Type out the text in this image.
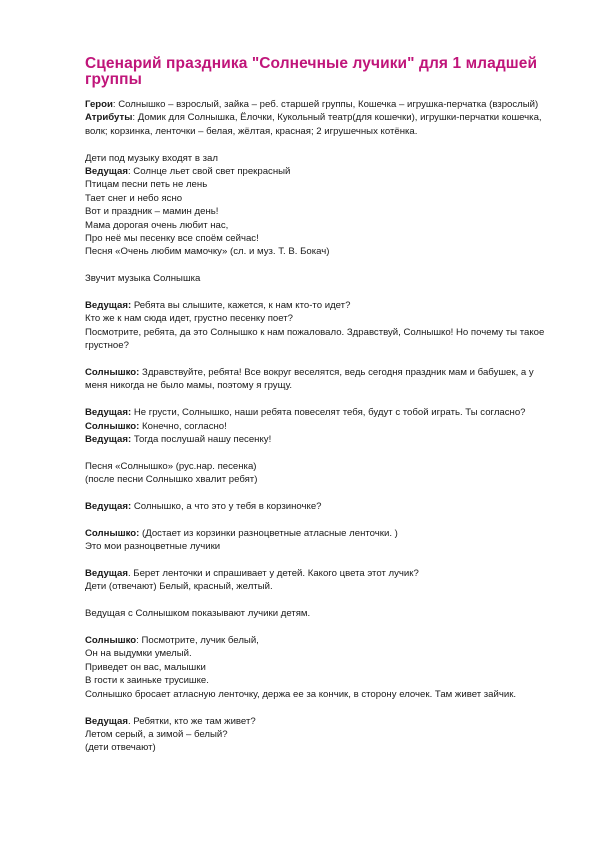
Сценарий праздника "Солнечные лучики" для 1 младшей группы
Герои: Солнышко – взрослый, зайка – реб. старшей группы, Кошечка – игрушка-перчатка (взрослый)
Атрибуты: Домик для Солнышка, Ёлочки, Кукольный театр(для кошечки), игрушки-перчатки кошечка, волк; корзинка, ленточки – белая, жёлтая, красная; 2 игрушечных котёнка.
Дети под музыку входят в зал
Ведущая: Солнце льет свой свет прекрасный
Птицам песни петь не лень
Тает снег и небо ясно
Вот и праздник – мамин день!
Мама дорогая очень любит нас,
Про неё мы песенку все споём сейчас!
Песня «Очень любим мамочку» (сл. и муз. Т. В. Бокач)
Звучит музыка Солнышка
Ведущая: Ребята вы слышите, кажется, к нам кто-то идет?
Кто же к нам сюда идет, грустно песенку поет?
Посмотрите, ребята, да это Солнышко к нам пожаловало. Здравствуй, Солнышко! Но почему ты такое грустное?
Солнышко: Здравствуйте, ребята! Все вокруг веселятся, ведь сегодня праздник мам и бабушек, а у меня никогда не было мамы, поэтому я грущу.
Ведущая: Не грусти, Солнышко, наши ребята повеселят тебя, будут с тобой играть. Ты согласно?
Солнышко: Конечно, согласно!
Ведущая: Тогда послушай нашу песенку!
Песня «Солнышко» (рус.нар. песенка)
(после песни Солнышко хвалит ребят)
Ведущая: Солнышко, а что это у тебя в корзиночке?
Солнышко: (Достает из корзинки разноцветные атласные ленточки. )
Это мои разноцветные лучики
Ведущая. Берет ленточки и спрашивает у детей. Какого цвета этот лучик?
Дети (отвечают) Белый, красный, желтый.
Ведущая с Солнышком показывают лучики детям.
Солнышко: Посмотрите, лучик белый,
Он на выдумки умелый.
Приведет он вас, малышки
В гости к заиньке трусишке.
Солнышко бросает атласную ленточку, держа ее за кончик, в сторону елочек. Там живет зайчик.
Ведущая. Ребятки, кто же там живет?
Летом серый, а зимой – белый?
(дети отвечают)
